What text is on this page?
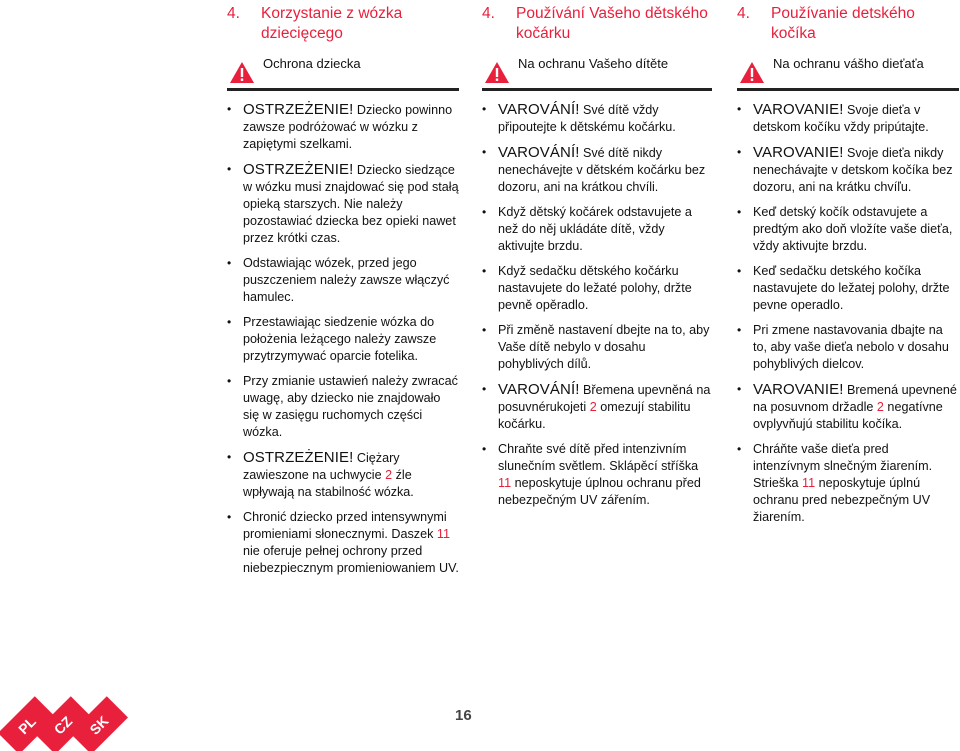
4.	Korzystanie z wózka dziecięcego
Ochrona dziecka
• OSTRZEŻENIE! Dziecko powinno zawsze podróżować w wózku z zapiętymi szelkami.
• OSTRZEŻENIE! Dziecko siedzące w wózku musi znajdować się pod stałą opieką starszych. Nie należy pozostawiać dziecka bez opieki nawet przez krótki czas.
• Odstawiając wózek, przed jego puszczeniem należy zawsze włączyć hamulec.
• Przestawiając siedzenie wózka do położenia leżącego należy zawsze przytrzymywać oparcie fotelika.
• Przy zmianie ustawień należy zwracać uwagę, aby dziecko nie znajdowało się w zasięgu ruchomych części wózka.
• OSTRZEŻENIE! Ciężary zawieszone na uchwycie 2 źle wpływają na stabilność wózka.
• Chronić dziecko przed intensywnymi promieniami słonecznymi. Daszek 11 nie oferuje pełnej ochrony przed niebezpiecznym promieniowaniem UV.
4.	Používání Vašeho dětského kočárku
Na ochranu Vašeho dítěte
• VAROVÁNÍ! Své dítě vždy připoutejte k dětskému kočárku.
• VAROVÁNÍ! Své dítě nikdy nenechávejte v dětském kočárku bez dozoru, ani na krátkou chvíli.
• Když dětský kočárek odstavujete a než do něj ukládáte dítě, vždy aktivujte brzdu.
• Když sedačku dětského kočárku nastavujete do ležaté polohy, držte pevně opěradlo.
• Při změně nastavení dbejte na to, aby Vaše dítě nebylo v dosahu pohyblivých dílů.
• VAROVÁNÍ! Břemena upevněná na posuvnérukojeti 2 omezují stabilitu kočárku.
• Chraňte své dítě před intenzivním slunečním světlem. Sklápěcí stříška 11 neposkytuje úplnou ochranu před nebezpečným UV zářením.
4.	Používanie detského kočíka
Na ochranu vášho dieťaťa
• VAROVANIE! Svoje dieťa v detskom kočíku vždy pripútajte.
• VAROVANIE! Svoje dieťa nikdy nenechávajte v detskom kočíka bez dozoru, ani na krátku chvíľu.
• Keď detský kočík odstavujete a predtým ako doň vložíte vaše dieťa, vždy aktivujte brzdu.
• Keď sedačku detského kočíka nastavujete do ležatej polohy, držte pevne operadlo.
• Pri zmene nastavovania dbajte na to, aby vaše dieťa nebolo v dosahu pohyblivých dielcov.
• VAROVANIE! Bremená upevnené na posuvnom držadle 2 negatívne ovplyvňujú stabilitu kočíka.
• Chráňte vaše dieťa pred intenzívnym slnečným žiarením. Strieška 11 neposkytuje úplnú ochranu pred nebezpečným UV žiarením.
PL CZ SK	16
